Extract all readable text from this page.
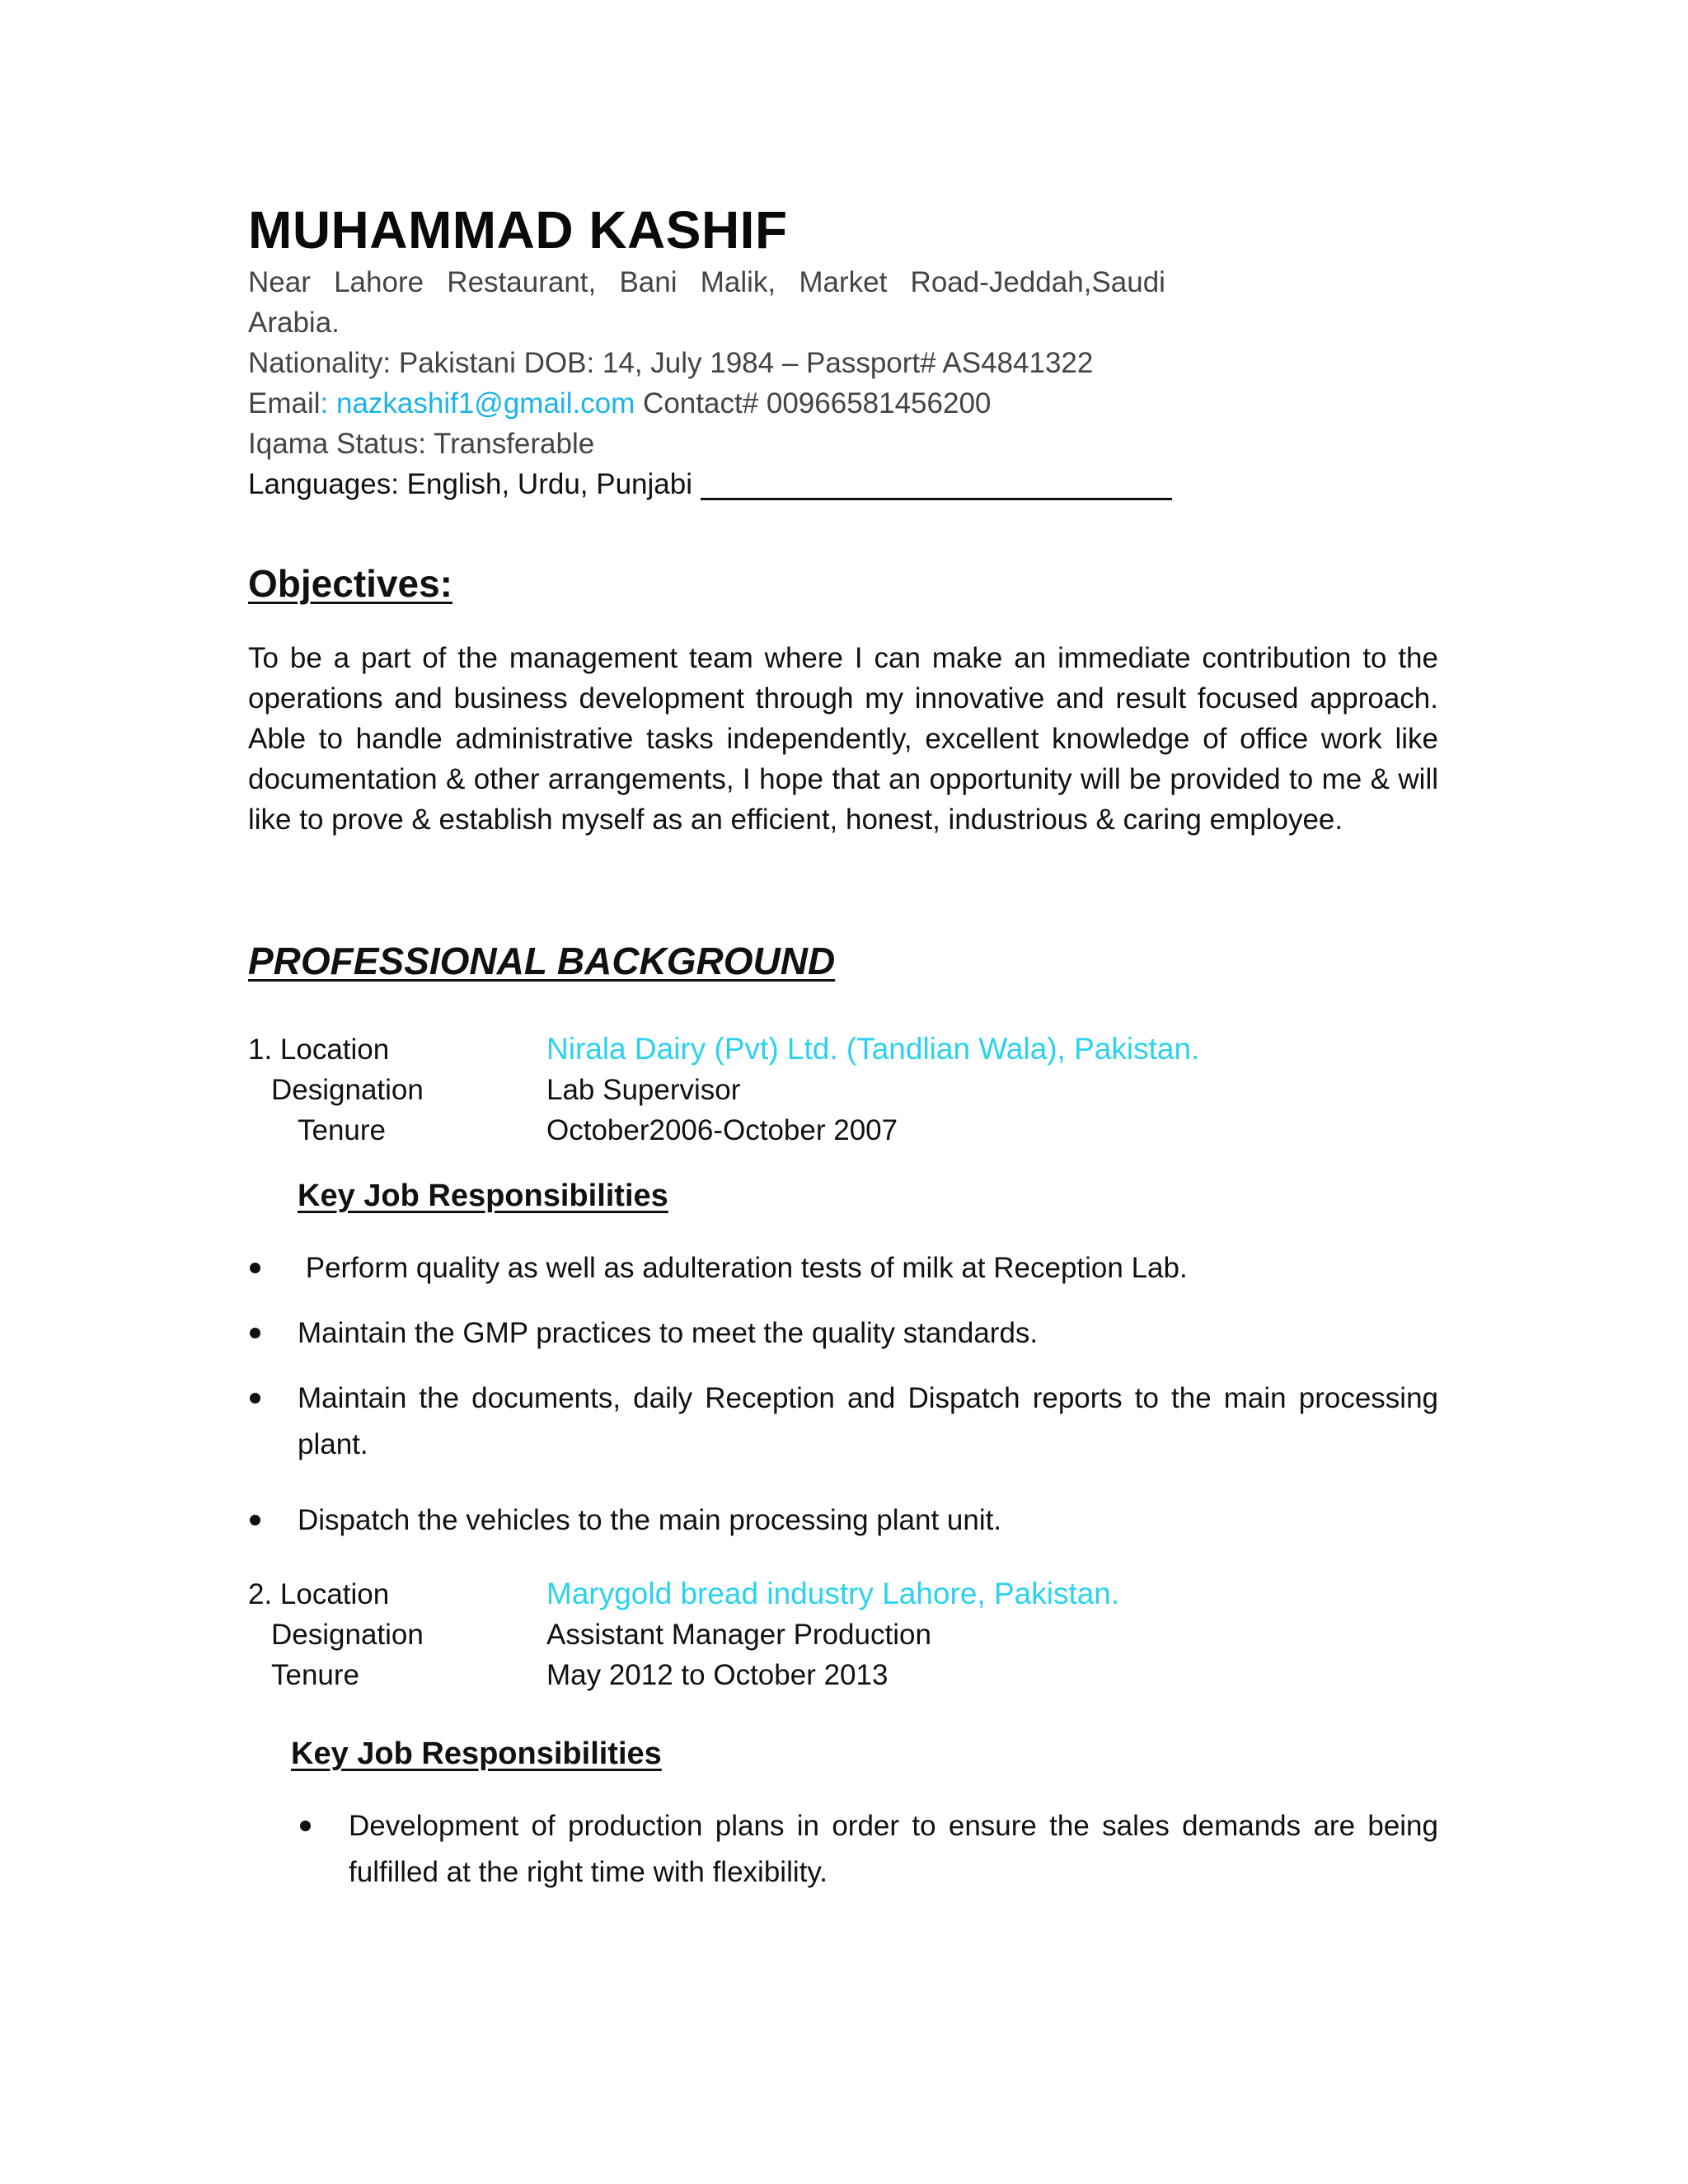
MUHAMMAD KASHIF
Near Lahore Restaurant, Bani Malik, Market Road-Jeddah,Saudi
Arabia.
Nationality: Pakistani DOB: 14, July 1984 – Passport# AS4841322
Email: nazkashif1@gmail.com Contact# 00966581456200
Iqama Status: Transferable
Languages: English, Urdu, Punjabi
Objectives:
To be a part of the management team where I can make an immediate contribution to the operations and business development through my innovative and result focused approach. Able to handle administrative tasks independently, excellent knowledge of office work like documentation & other arrangements, I hope that an opportunity will be provided to me & will like to prove & establish myself as an efficient, honest, industrious & caring employee.
PROFESSIONAL BACKGROUND
1. Location	Nirala Dairy (Pvt) Ltd. (Tandlian Wala), Pakistan.
Designation	Lab Supervisor
Tenure	October2006-October 2007
Key Job Responsibilities
Perform quality as well as adulteration tests of milk at Reception Lab.
Maintain the GMP practices to meet the quality standards.
Maintain the documents, daily Reception and Dispatch reports to the main processing plant.
Dispatch the vehicles to the main processing plant unit.
2. Location	Marygold bread industry Lahore, Pakistan.
Designation	Assistant Manager Production
Tenure	May 2012 to October 2013
Key Job Responsibilities
Development of production plans in order to ensure the sales demands are being fulfilled at the right time with flexibility.
